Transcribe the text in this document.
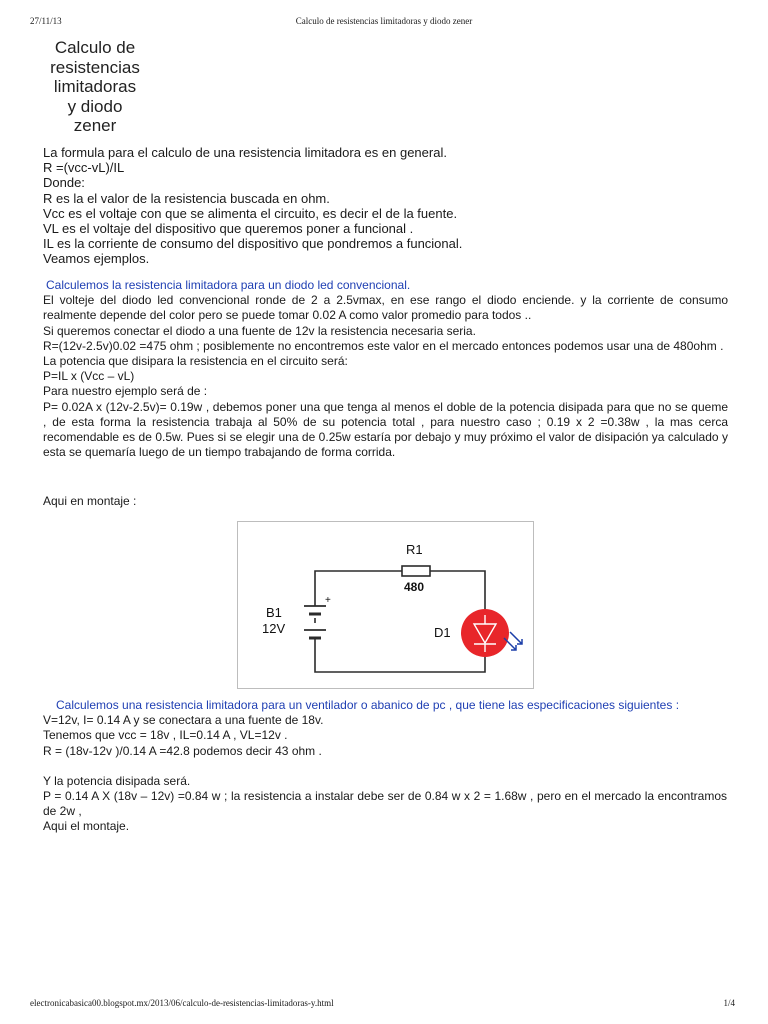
27/11/13	Calculo de resistencias limitadoras y diodo zener
Calculo de
resistencias
limitadoras
y diodo
zener
La formula para el calculo de una resistencia limitadora es en general.
R =(vcc-vL)/IL
Donde:
R es la el valor de la resistencia buscada en ohm.
Vcc es el voltaje con que se alimenta el circuito, es decir el de la fuente.
VL es el voltaje del dispositivo que queremos poner a funcional .
IL es la corriente de consumo del dispositivo que pondremos a funcional.
Veamos ejemplos.

Calculemos la resistencia limitadora para un diodo led convencional.

El volteje del diodo led convencional ronde de 2 a 2.5vmax, en ese rango el diodo enciende. y la corriente de consumo realmente depende del color pero se puede tomar 0.02 A como valor promedio para todos ..

Si queremos conectar el diodo a una fuente de 12v la resistencia necesaria seria.

R=(12v-2.5v)0.02 =475 ohm ; posiblemente no encontremos este valor en el mercado entonces podemos usar una de 480ohm .

La potencia que disipara la resistencia en el circuito será:

P=IL x (Vcc – vL)

Para nuestro ejemplo será de :

P= 0.02A x (12v-2.5v)= 0.19w , debemos poner una que tenga al menos el doble de la potencia disipada para que no se queme , de esta forma la resistencia trabaja al 50% de su potencia total , para nuestro caso ; 0.19 x 2 =0.38w , la mas cerca recomendable es de 0.5w. Pues si se elegir una de 0.25w estaría por debajo y muy próximo el valor de disipación ya calculado y esta se quemaría luego de un tiempo trabajando de forma corrida.

Aqui en montaje :
R1
480
B1
12V
+
D1

Calculemos una resistencia limitadora para un ventilador o abanico de pc , que tiene las especificaciones siguientes :

V=12v, I= 0.14 A y se conectara a una fuente de 18v.

Tenemos que vcc = 18v , IL=0.14 A , VL=12v .

R = (18v-12v )/0.14 A =42.8 podemos decir 43 ohm .

Y la potencia disipada será.

P = 0.14 A X (18v – 12v) =0.84 w ; la resistencia a instalar debe ser de 0.84 w x 2 = 1.68w , pero en el mercado la encontramos de 2w ,

Aqui el montaje.

electronicabasica00.blogspot.mx/2013/06/calculo-de-resistencias-limitadoras-y.html	1/4
